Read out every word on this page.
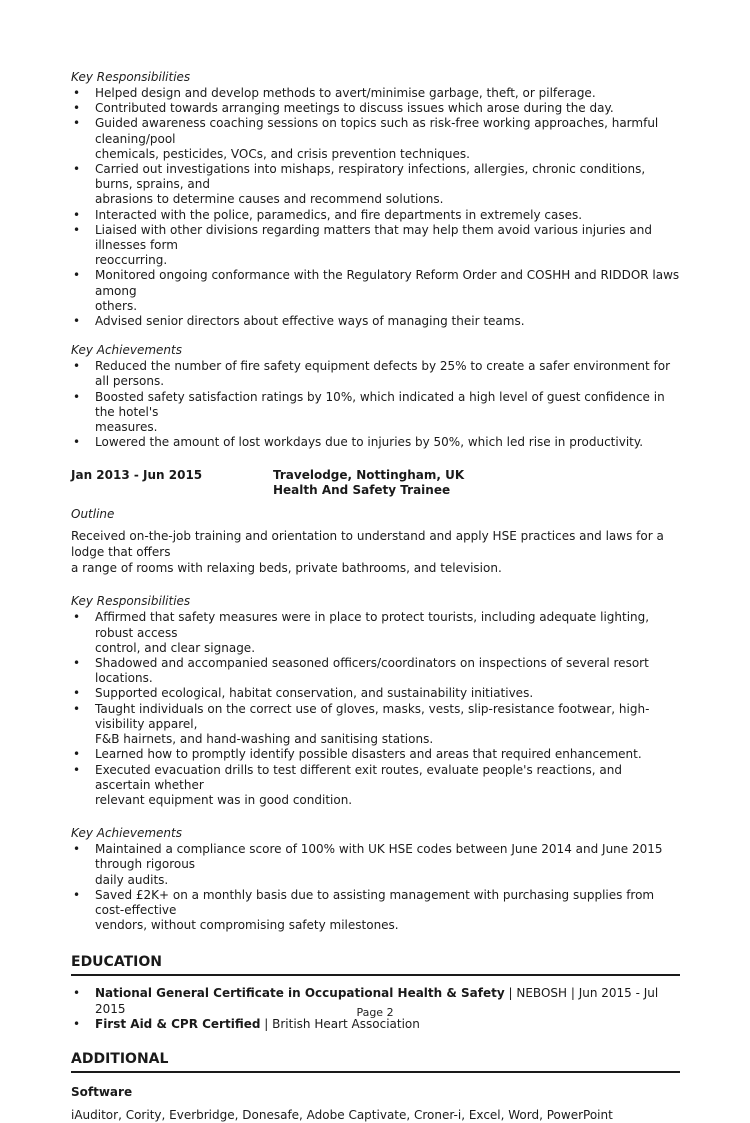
Key Responsibilities
• Helped design and develop methods to avert/minimise garbage, theft, or pilferage.
• Contributed towards arranging meetings to discuss issues which arose during the day.
• Guided awareness coaching sessions on topics such as risk-free working approaches, harmful cleaning/pool
chemicals, pesticides, VOCs, and crisis prevention techniques.
• Carried out investigations into mishaps, respiratory infections, allergies, chronic conditions, burns, sprains, and
abrasions to determine causes and recommend solutions.
• Interacted with the police, paramedics, and fire departments in extremely cases.
• Liaised with other divisions regarding matters that may help them avoid various injuries and illnesses form
reoccurring.
• Monitored ongoing conformance with the Regulatory Reform Order and COSHH and RIDDOR laws among
others.
• Advised senior directors about effective ways of managing their teams.
Key Achievements
• Reduced the number of fire safety equipment defects by 25% to create a safer environment for all persons.
• Boosted safety satisfaction ratings by 10%, which indicated a high level of guest confidence in the hotel's
measures.
• Lowered the amount of lost workdays due to injuries by 50%, which led rise in productivity.
Jan 2013 - Jun 2015	Travelodge, Nottingham, UK
Health And Safety Trainee
Outline
Received on-the-job training and orientation to understand and apply HSE practices and laws for a lodge that offers
a range of rooms with relaxing beds, private bathrooms, and television.
Key Responsibilities
• Affirmed that safety measures were in place to protect tourists, including adequate lighting, robust access
control, and clear signage.
• Shadowed and accompanied seasoned officers/coordinators on inspections of several resort locations.
• Supported ecological, habitat conservation, and sustainability initiatives.
• Taught individuals on the correct use of gloves, masks, vests, slip-resistance footwear, high-visibility apparel,
F&B hairnets, and hand-washing and sanitising stations.
• Learned how to promptly identify possible disasters and areas that required enhancement.
• Executed evacuation drills to test different exit routes, evaluate people's reactions, and ascertain whether
relevant equipment was in good condition.
Key Achievements
• Maintained a compliance score of 100% with UK HSE codes between June 2014 and June 2015 through rigorous
daily audits.
• Saved £2K+ on a monthly basis due to assisting management with purchasing supplies from cost-effective
vendors, without compromising safety milestones.
EDUCATION
• National General Certificate in Occupational Health & Safety | NEBOSH | Jun 2015 - Jul 2015
• First Aid & CPR Certified | British Heart Association
ADDITIONAL
Software
iAuditor, Cority, Everbridge, Donesafe, Adobe Captivate, Croner-i, Excel, Word, PowerPoint
Page 2
